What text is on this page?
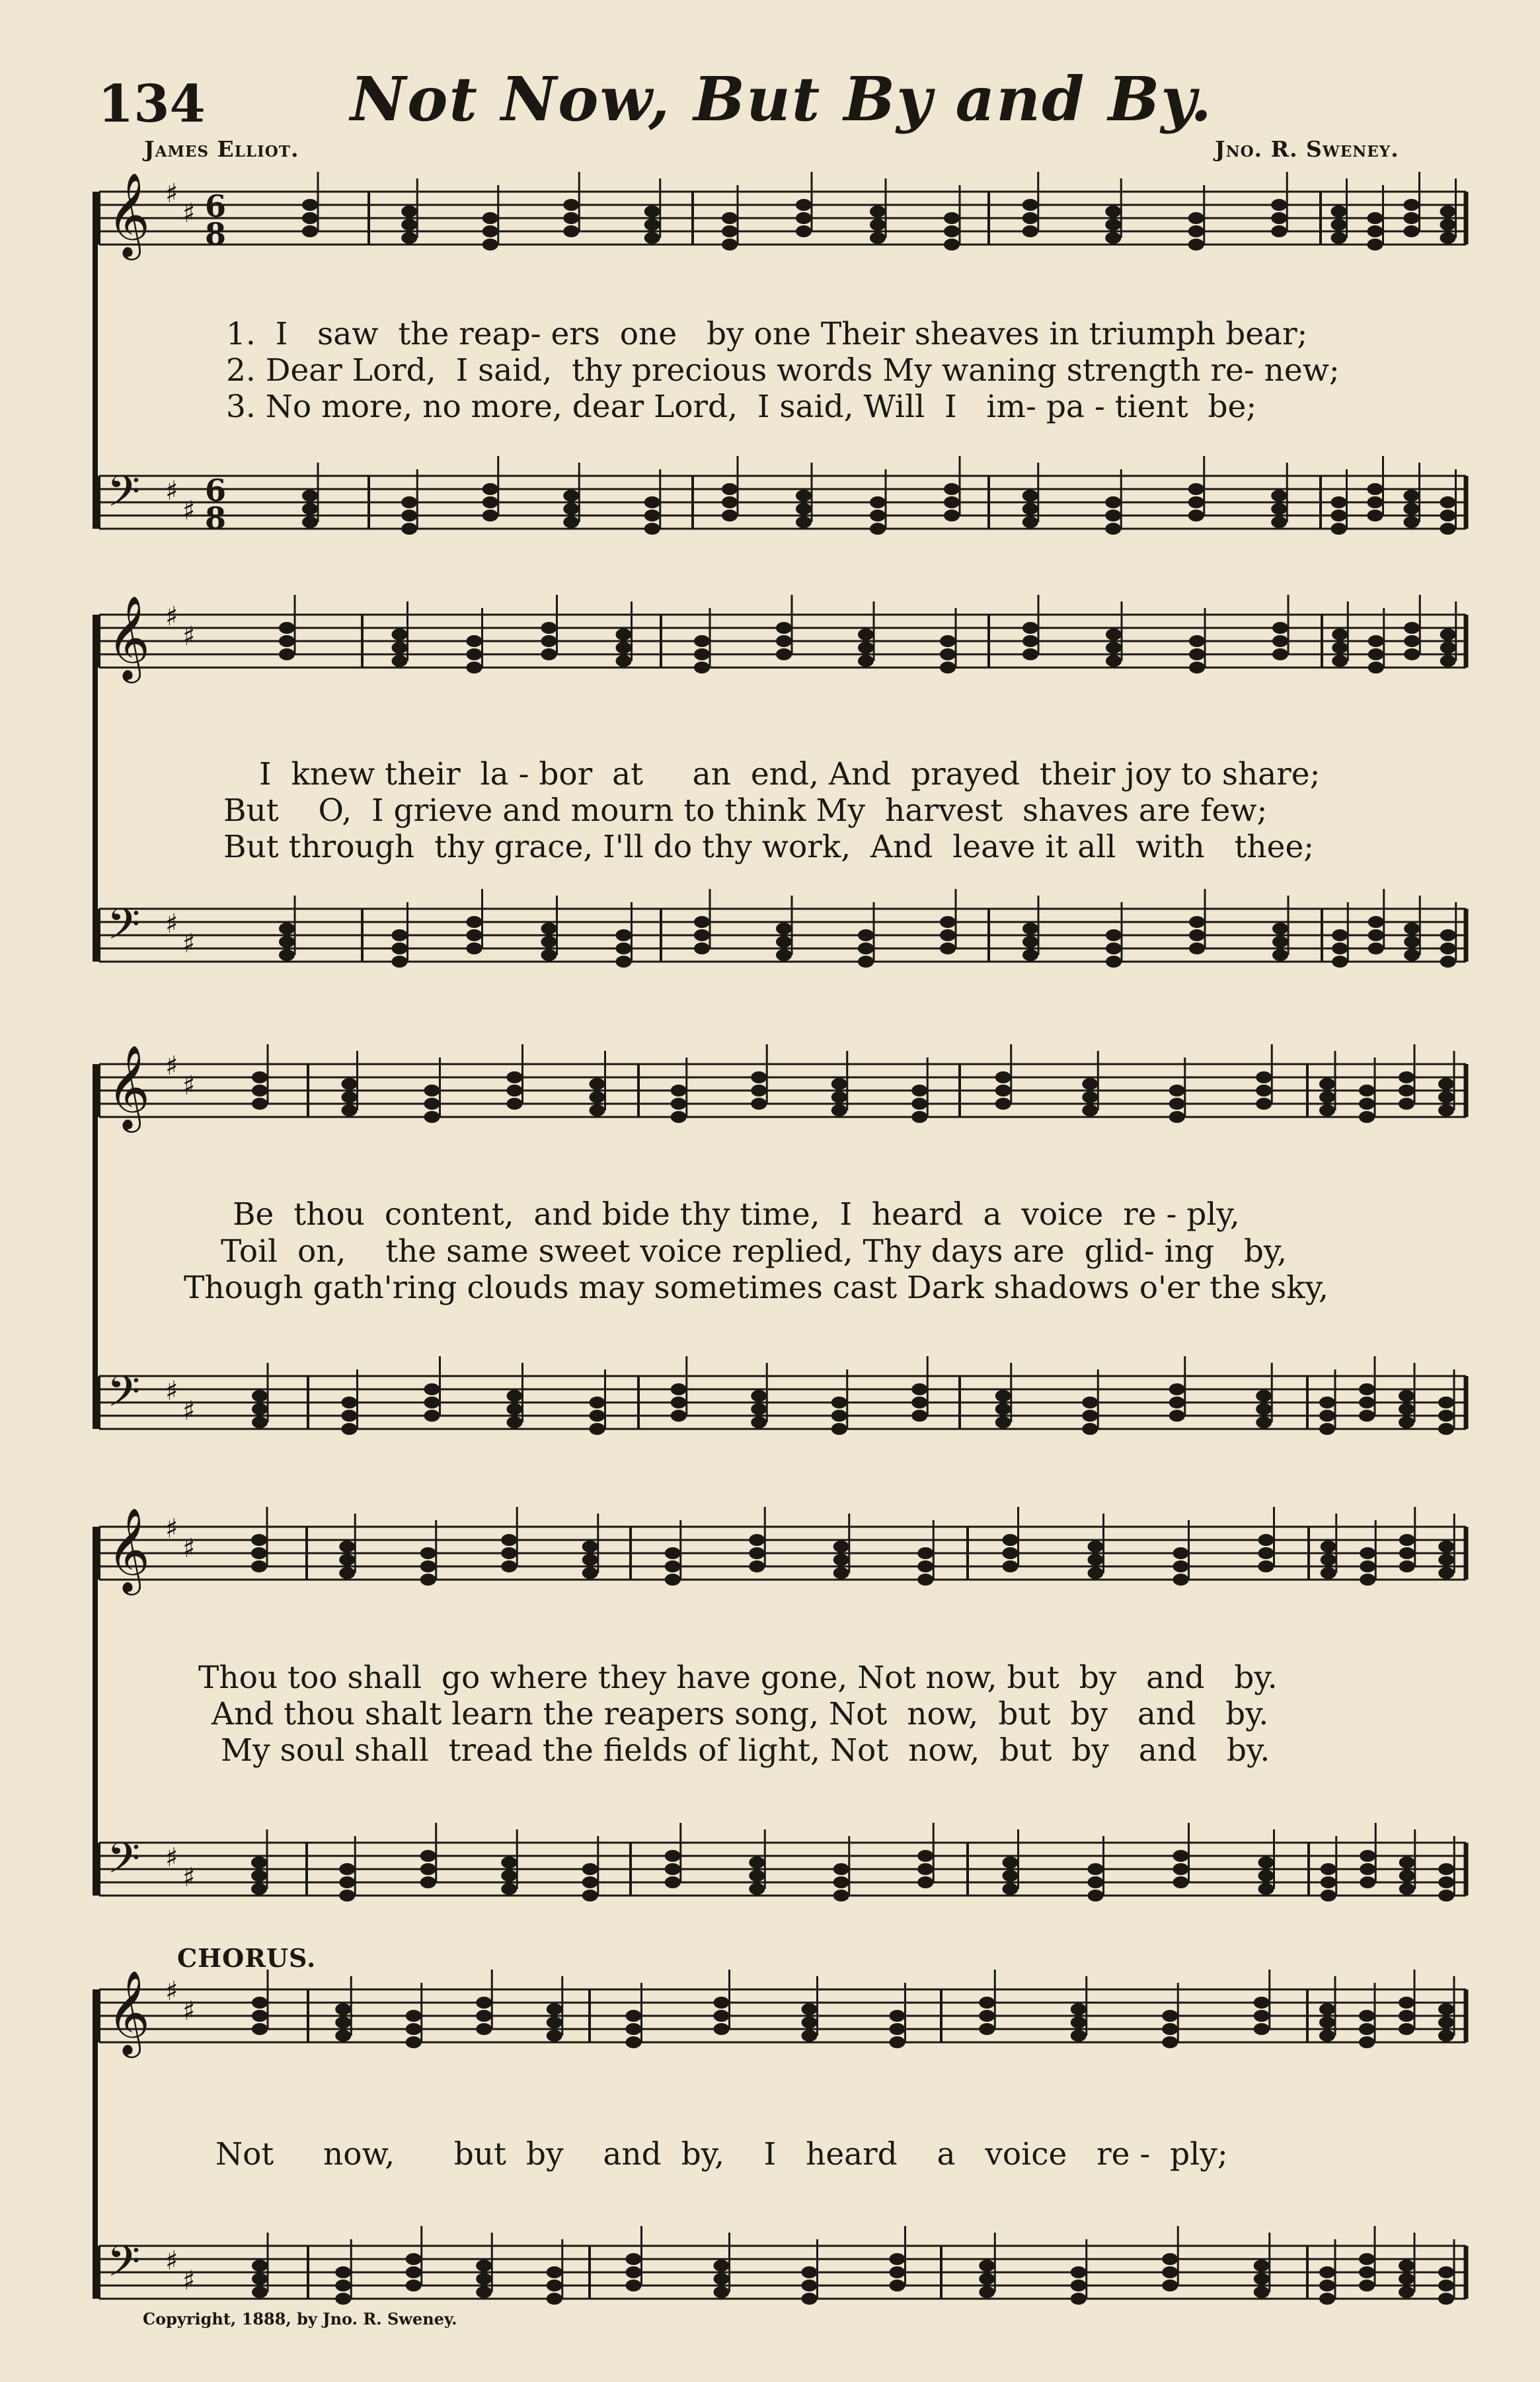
134 Not Now, But By and By.
James Elliot.	Jno. R. Sweney.
𝄞 ♯
♯ 6
8
𝄢 ♯
♯
6
8
𝄞 ♯
♯
𝄢 ♯
♯
𝄞 ♯
♯
𝄢 ♯
♯
𝄞 ♯
♯
𝄢 ♯
♯
𝄞 ♯
♯
𝄢 ♯
♯
1.  I   saw  the reap- ers  one   by one Their sheaves in triumph bear;
2. Dear Lord,  I said,  thy precious words My waning strength re- new;
3. No more, no more, dear Lord,  I said, Will  I   im- pa - tient  be;
I  knew their  la - bor  at     an  end, And  prayed  their joy to share;
But    O,  I grieve and mourn to think My  harvest  shaves are few;
But through  thy grace, I'll do thy work,  And  leave it all  with   thee;
Be  thou  content,  and bide thy time,  I  heard  a  voice  re - ply,
Toil  on,    the same sweet voice replied, Thy days are  glid- ing   by,
Though gath'ring clouds may sometimes cast Dark shadows o'er the sky,
Thou too shall  go where they have gone, Not now, but  by   and   by.
And thou shalt learn the reapers song, Not  now,  but  by   and   by.
My soul shall  tread the fields of light, Not  now,  but  by   and   by.
CHORUS.
Not     now,      but  by    and  by,    I   heard    a   voice   re -  ply;
Copyright, 1888, by Jno. R. Sweney.
